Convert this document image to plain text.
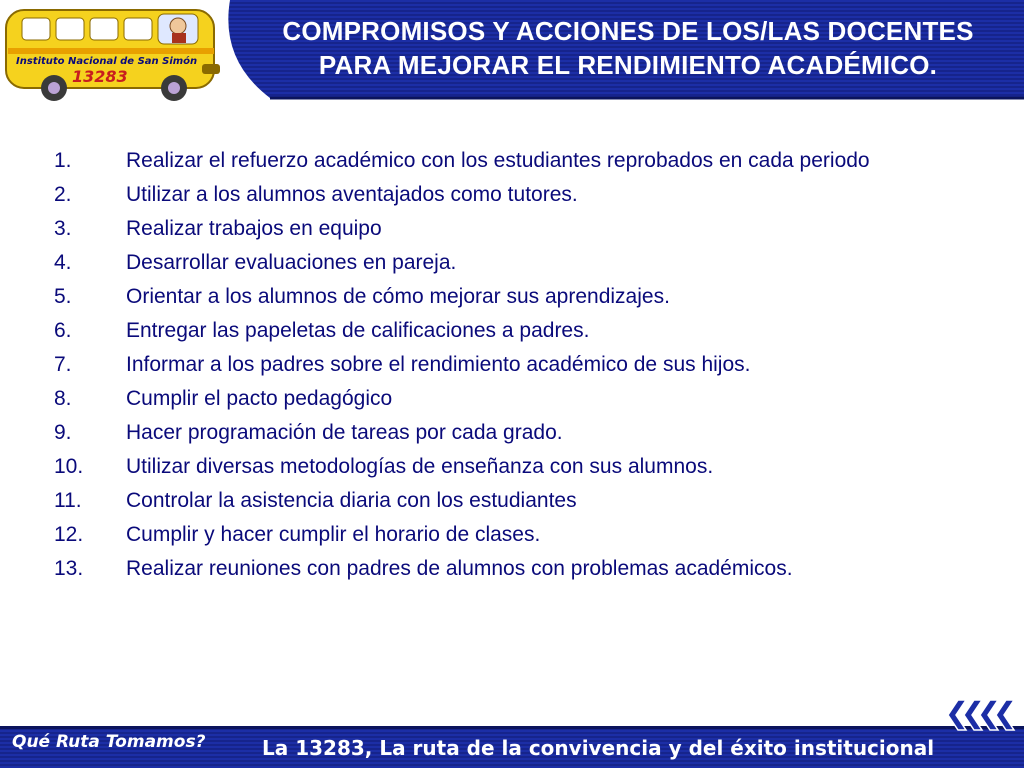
COMPROMISOS Y ACCIONES DE LOS/LAS DOCENTES
PARA MEJORAR EL RENDIMIENTO ACADÉMICO.
Instituto Nacional de San Simón
13283
1.	Realizar el refuerzo académico con los estudiantes reprobados en cada periodo
2.	Utilizar a los alumnos aventajados como tutores.
3.	Realizar trabajos en equipo
4.	Desarrollar evaluaciones en pareja.
5.	Orientar a los alumnos de cómo mejorar sus aprendizajes.
6.	Entregar las papeletas de calificaciones a padres.
7.	Informar a los padres sobre el rendimiento académico de sus hijos.
8.	Cumplir el pacto pedagógico
9.	Hacer programación de tareas por cada grado.
10.	Utilizar diversas metodologías de enseñanza con sus alumnos.
11.	Controlar la asistencia diaria con los estudiantes
12.	Cumplir y hacer cumplir el horario de clases.
13.	Realizar reuniones con padres de alumnos con problemas académicos.
Qué Ruta Tomamos?	La 13283, La ruta de la convivencia y del éxito institucional
